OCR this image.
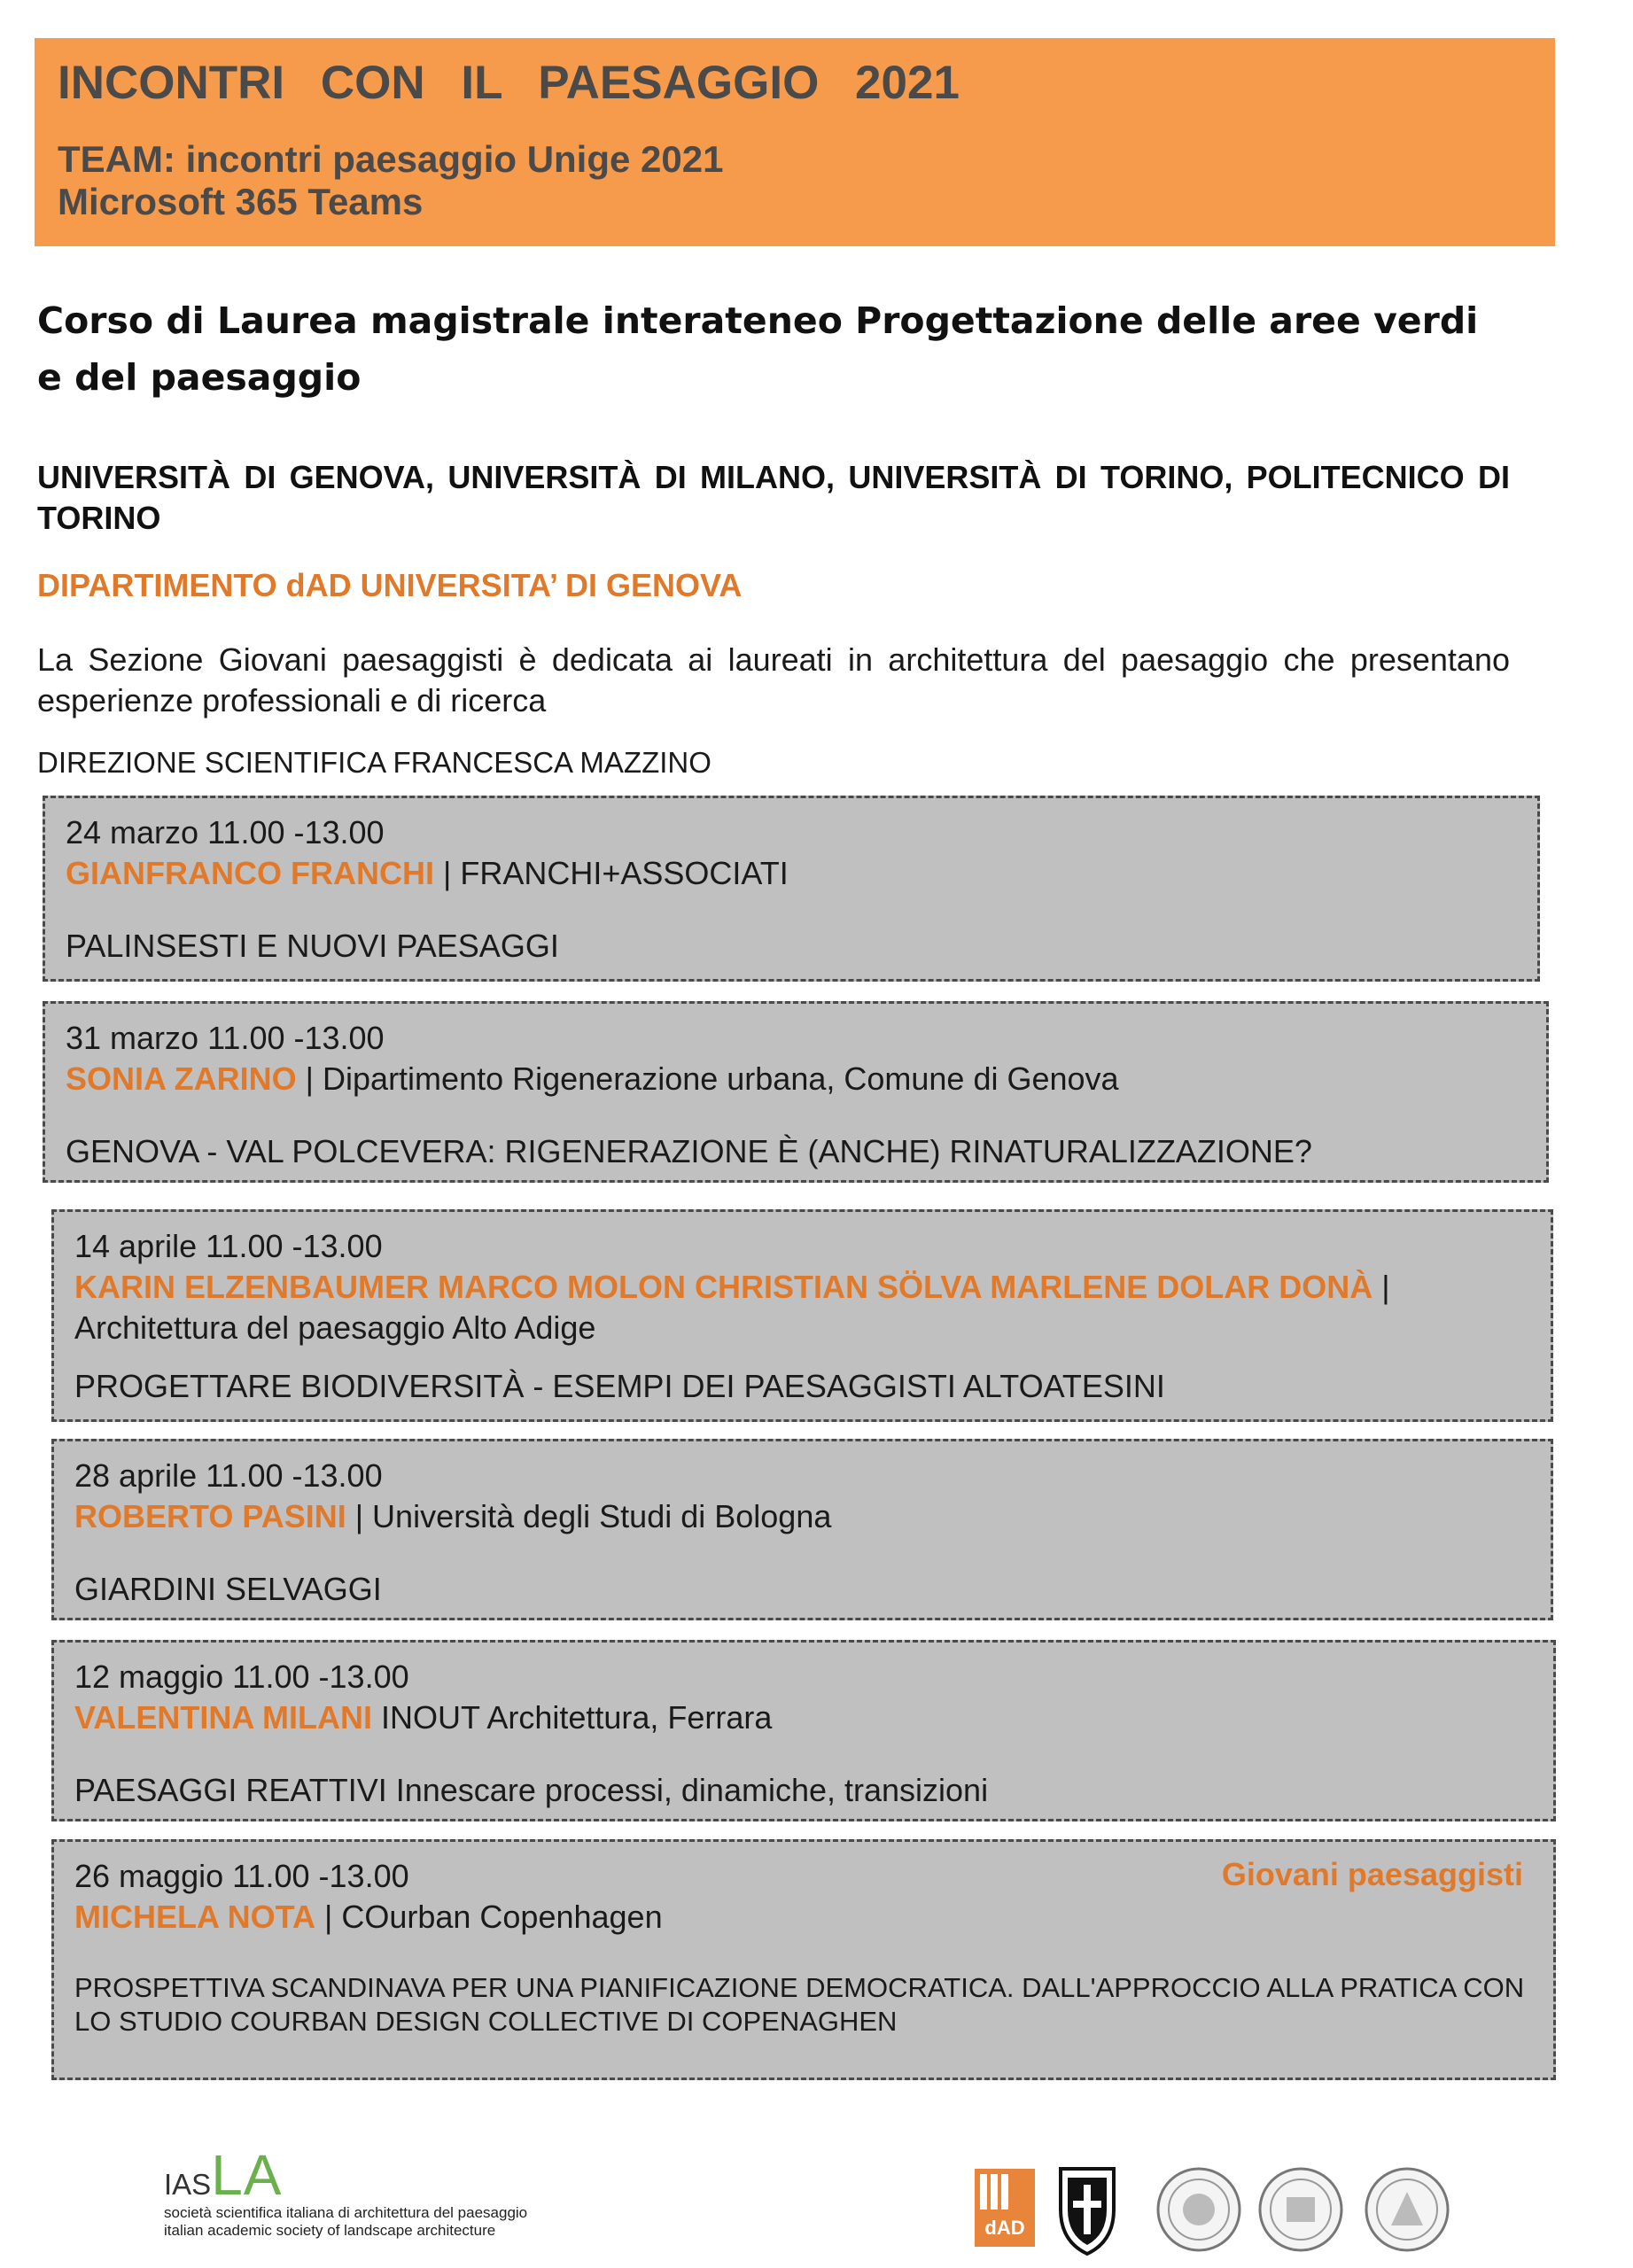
INCONTRI CON IL PAESAGGIO 2021
TEAM: incontri paesaggio Unige 2021
Microsoft 365 Teams
Corso di Laurea magistrale interateneo Progettazione delle aree verdi e del paesaggio
UNIVERSITÀ DI GENOVA, UNIVERSITÀ DI MILANO, UNIVERSITÀ DI TORINO, POLITECNICO DI TORINO
DIPARTIMENTO dAD UNIVERSITA’ DI GENOVA
La Sezione Giovani paesaggisti è dedicata ai laureati in architettura del paesaggio che presentano esperienze professionali e di ricerca
DIREZIONE SCIENTIFICA FRANCESCA MAZZINO
24 marzo 11.00 -13.00
GIANFRANCO FRANCHI | FRANCHI+ASSOCIATI
PALINSESTI E NUOVI PAESAGGI
31 marzo 11.00 -13.00
SONIA ZARINO | Dipartimento Rigenerazione urbana, Comune di Genova
GENOVA - VAL POLCEVERA: RIGENERAZIONE È (ANCHE) RINATURALIZZAZIONE?
14 aprile 11.00 -13.00
KARIN ELZENBAUMER MARCO MOLON CHRISTIAN SÖLVA MARLENE DOLAR DONÀ | Architettura del paesaggio Alto Adige
PROGETTARE BIODIVERSITÀ - ESEMPI DEI PAESAGGISTI ALTOATESINI
28 aprile 11.00 -13.00
ROBERTO PASINI | Università degli Studi di Bologna
GIARDINI SELVAGGI
12 maggio 11.00 -13.00
VALENTINA MILANI INOUT Architettura, Ferrara
PAESAGGI REATTIVI Innescare processi, dinamiche, transizioni
26 maggio 11.00 -13.00
MICHELA NOTA | COurban Copenhagen
PROSPETTIVA SCANDINAVA PER UNA PIANIFICAZIONE DEMOCRATICA. DALL'APPROCCIO ALLA PRATICA CON LO STUDIO COURBAN DESIGN COLLECTIVE DI COPENAGHEN
Giovani paesaggisti
IASLA
società scientifica italiana di architettura del paesaggio
italian academic society of landscape architecture	dAD
